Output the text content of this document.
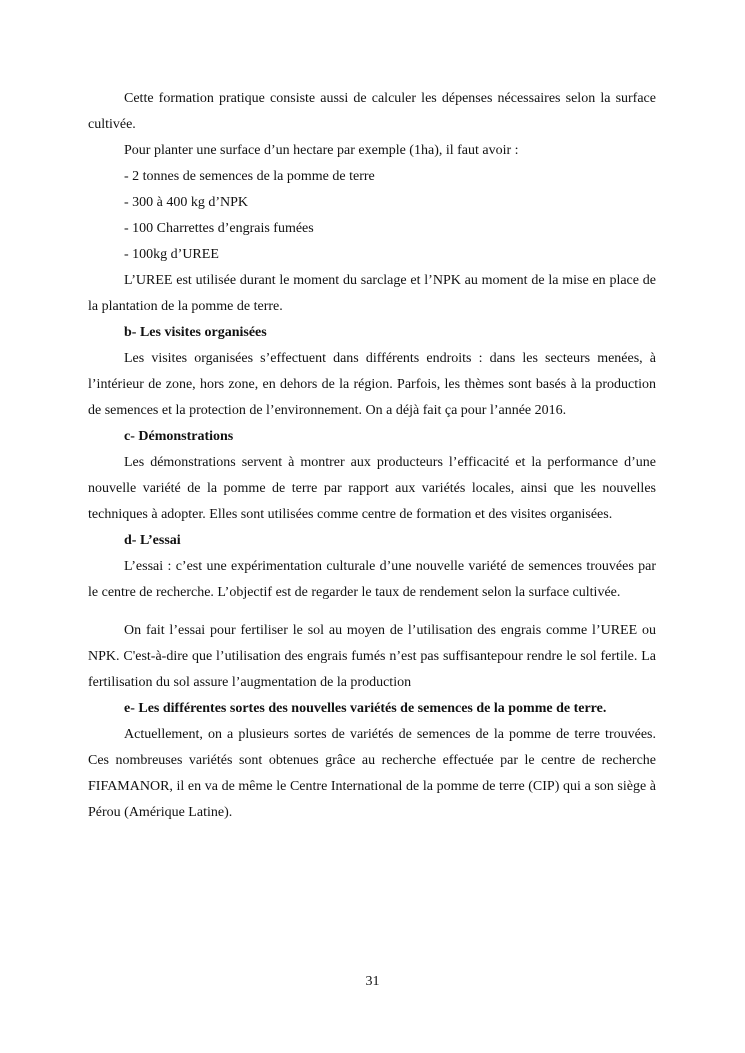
Cette formation pratique consiste aussi de calculer les dépenses nécessaires selon la surface cultivée.

Pour planter une surface d’un hectare par exemple (1ha), il faut avoir :

- 2 tonnes de semences de la pomme de terre

- 300 à 400 kg d’NPK

- 100 Charrettes d’engrais fumées

- 100kg d’UREE

L’UREE est utilisée durant le moment du sarclage et l’NPK au moment de la mise en place de la plantation de la pomme de terre.

b- Les visites organisées

Les visites organisées s’effectuent dans différents endroits : dans les secteurs menées, à l’intérieur de zone, hors zone, en dehors de la région. Parfois, les thèmes sont basés à la production de semences et la protection de l’environnement. On a déjà fait ça pour l’année 2016.

c- Démonstrations

Les démonstrations servent à montrer aux producteurs l’efficacité et la performance d’une nouvelle variété de la pomme de terre par rapport aux variétés locales, ainsi que les nouvelles techniques à adopter. Elles sont utilisées comme centre de formation et des visites organisées.

d- L’essai

L’essai : c’est une expérimentation culturale d’une nouvelle variété de semences trouvées par le centre de recherche. L’objectif est de regarder le taux de rendement selon la surface cultivée.

On fait l’essai pour fertiliser le sol au moyen de l’utilisation des engrais comme l’UREE ou NPK. C'est-à-dire que l’utilisation des engrais fumés n’est pas suffisantepour rendre le sol fertile. La fertilisation du sol assure l’augmentation de la production

e- Les différentes sortes des nouvelles variétés de semences de la pomme de terre.

Actuellement, on a plusieurs sortes de variétés de semences de la pomme de terre trouvées. Ces nombreuses variétés sont obtenues grâce au recherche effectuée par le centre de recherche FIFAMANOR, il en va de même le Centre International de la pomme de terre (CIP) qui a son siège à Pérou (Amérique Latine).

31
